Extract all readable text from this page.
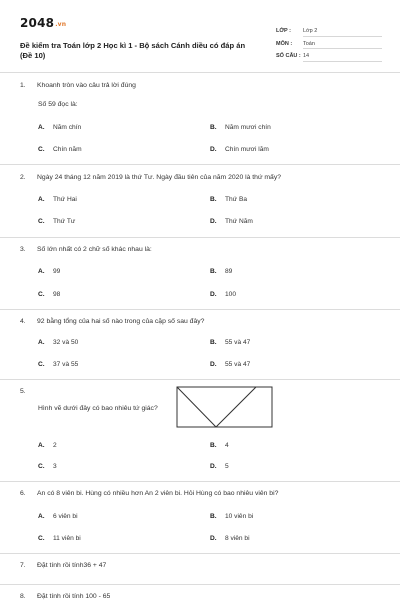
2048.vn
Đề kiểm tra Toán lớp 2 Học kì 1 - Bộ sách Cánh diều có đáp án (Đề 10)
LỚP :	Lớp 2
MÔN :	Toán
SỐ CÂU : 14
1. Khoanh tròn vào câu trả lời đúng
Số 59 đọc là:
A. Năm chín	B. Năm mươi chín
C. Chín năm	D. Chín mươi lăm
2. Ngày 24 tháng 12 năm 2019 là thứ Tư. Ngày đầu tiên của năm 2020 là thứ mấy?
A. Thứ Hai	B. Thứ Ba
C. Thứ Tư	D. Thứ Năm
3. Số lớn nhất có 2 chữ số khác nhau là:
A. 99	B. 89
C. 98	D. 100
4. 92 bằng tổng của hai số nào trong của cặp số sau đây?
A. 32 và 50	B. 55 và 47
C. 37 và 55	D. 55 và 47
5.
Hình vẽ dưới đây có bao nhiêu tứ giác?
A. 2	B. 4
C. 3	D. 5
6. An có 8 viên bi. Hùng có nhiều hơn An 2 viên bi. Hỏi Hùng có bao nhiêu viên bi?
A. 6 viên bi	B. 10 viên bi
C. 11 viên bi	D. 8 viên bi
7. Đặt tính rồi tính36 + 47
8. Đặt tính rồi tính 100 - 65
